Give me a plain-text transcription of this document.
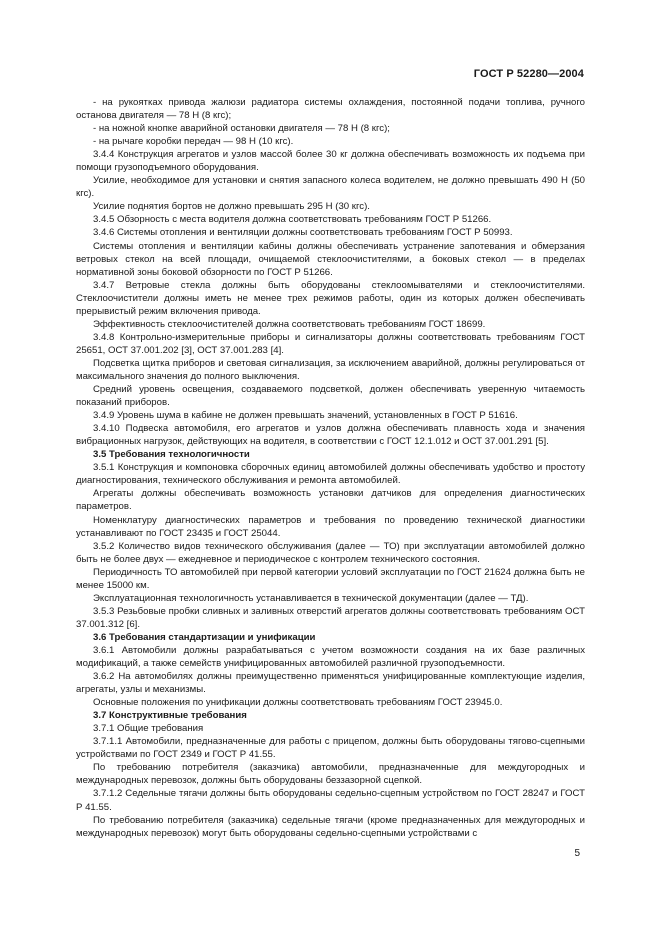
ГОСТ Р 52280—2004

- на рукоятках привода жалюзи радиатора системы охлаждения, постоянной подачи топлива, ручного останова двигателя — 78 Н (8 кгс);

- на ножной кнопке аварийной остановки двигателя — 78 Н (8 кгс);

- на рычаге коробки передач — 98 Н (10 кгс).

3.4.4 Конструкция агрегатов и узлов массой более 30 кг должна обеспечивать возможность их подъема при помощи грузоподъемного оборудования.

Усилие, необходимое для установки и снятия запасного колеса водителем, не должно превышать 490 Н (50 кгс).

Усилие поднятия бортов не должно превышать 295 Н (30 кгс).

3.4.5 Обзорность с места водителя должна соответствовать требованиям ГОСТ Р 51266.

3.4.6 Системы отопления и вентиляции должны соответствовать требованиям ГОСТ Р 50993.

Системы отопления и вентиляции кабины должны обеспечивать устранение запотевания и обмерзания ветровых стекол на всей площади, очищаемой стеклоочистителями, а боковых стекол — в пределах нормативной зоны боковой обзорности по ГОСТ Р 51266.

3.4.7 Ветровые стекла должны быть оборудованы стеклоомывателями и стеклоочистителями. Стеклоочистители должны иметь не менее трех режимов работы, один из которых должен обеспечивать прерывистый режим включения привода.

Эффективность стеклоочистителей должна соответствовать требованиям ГОСТ 18699.

3.4.8 Контрольно-измерительные приборы и сигнализаторы должны соответствовать требованиям ГОСТ 25651, ОСТ 37.001.202 [3], ОСТ 37.001.283 [4].

Подсветка щитка приборов и световая сигнализация, за исключением аварийной, должны регулироваться от максимального значения до полного выключения.

Средний уровень освещения, создаваемого подсветкой, должен обеспечивать уверенную читаемость показаний приборов.

3.4.9 Уровень шума в кабине не должен превышать значений, установленных в ГОСТ Р 51616.

3.4.10 Подвеска автомобиля, его агрегатов и узлов должна обеспечивать плавность хода и значения вибрационных нагрузок, действующих на водителя, в соответствии с ГОСТ 12.1.012 и ОСТ 37.001.291 [5].

3.5 Требования технологичности

3.5.1 Конструкция и компоновка сборочных единиц автомобилей должны обеспечивать удобство и простоту диагностирования, технического обслуживания и ремонта автомобилей.

Агрегаты должны обеспечивать возможность установки датчиков для определения диагностических параметров.

Номенклатуру диагностических параметров и требования по проведению технической диагностики устанавливают по ГОСТ 23435 и ГОСТ 25044.

3.5.2 Количество видов технического обслуживания (далее — ТО) при эксплуатации автомобилей должно быть не более двух — ежедневное и периодическое с контролем технического состояния.

Периодичность ТО автомобилей при первой категории условий эксплуатации по ГОСТ 21624 должна быть не менее 15000 км.

Эксплуатационная технологичность устанавливается в технической документации (далее — ТД).

3.5.3 Резьбовые пробки сливных и заливных отверстий агрегатов должны соответствовать требованиям ОСТ 37.001.312 [6].

3.6 Требования стандартизации и унификации

3.6.1 Автомобили должны разрабатываться с учетом возможности создания на их базе различных модификаций, а также семейств унифицированных автомобилей различной грузоподъемности.

3.6.2 На автомобилях должны преимущественно применяться унифицированные комплектующие изделия, агрегаты, узлы и механизмы.

Основные положения по унификации должны соответствовать требованиям ГОСТ 23945.0.

3.7 Конструктивные требования

3.7.1 Общие требования

3.7.1.1 Автомобили, предназначенные для работы с прицепом, должны быть оборудованы тягово-сцепными устройствами по ГОСТ 2349 и ГОСТ Р 41.55.

По требованию потребителя (заказчика) автомобили, предназначенные для междугородных и международных перевозок, должны быть оборудованы беззазорной сцепкой.

3.7.1.2 Седельные тягачи должны быть оборудованы седельно-сцепным устройством по ГОСТ 28247 и ГОСТ Р 41.55.

По требованию потребителя (заказчика) седельные тягачи (кроме предназначенных для междугородных и международных перевозок) могут быть оборудованы седельно-сцепными устройствами с

5
